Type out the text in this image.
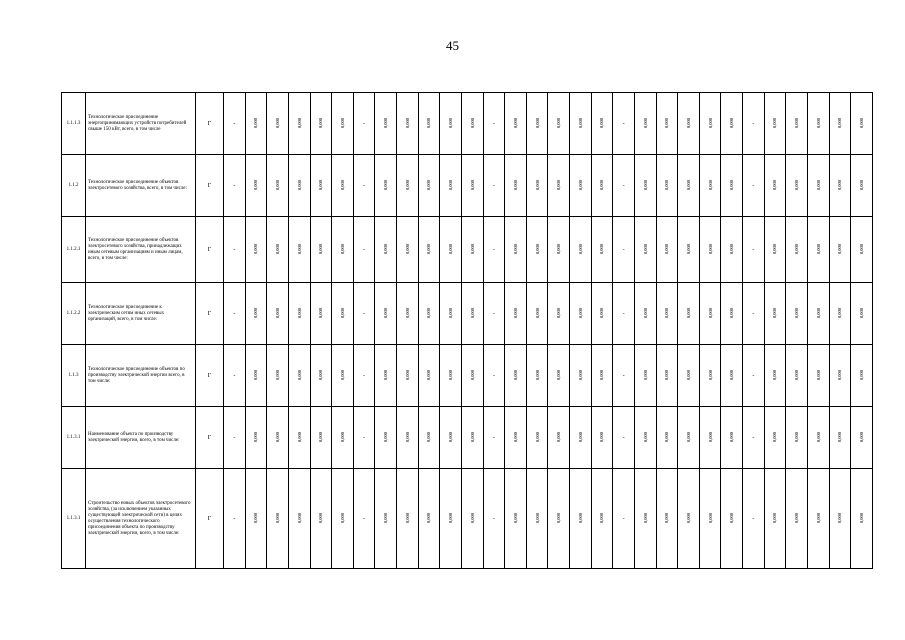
45
1.1.1.3	Технологическое присоединение энергопринимающих устройств потребителей свыше 150 кВт, всего, в том числе	Г	-	0,000	0,000	0,000	0,000	0,000	-	0,000	0,000	0,000	0,000	0,000	-	0,000	0,000	0,000	0,000	0,000	-	0,000	0,000	0,000	0,000	0,000	-	0,000	0,000	0,000	0,000	0,000

1.1.2	Технологическое присоединение объектов электросетевого хозяйства, всего, в том числе:	Г	-	0,000	0,000	0,000	0,000	0,000	-	0,000	0,000	0,000	0,000	0,000	-	0,000	0,000	0,000	0,000	0,000	-	0,000	0,000	0,000	0,000	0,000	-	0,000	0,000	0,000	0,000	0,000

1.1.2.1	Технологическое присоединение объектов электросетевого хозяйства, принадлежащих иным сетевым организациям и иным лицам, всего, в том числе:	Г	-	0,000	0,000	0,000	0,000	0,000	-	0,000	0,000	0,000	0,000	0,000	-	0,000	0,000	0,000	0,000	0,000	-	0,000	0,000	0,000	0,000	0,000	-	0,000	0,000	0,000	0,000	0,000

1.1.2.2	Технологическое присоединение к электрическим сетям иных сетевых организаций, всего, в том числе:	Г	-	0,000	0,000	0,000	0,000	0,000	-	0,000	0,000	0,000	0,000	0,000	-	0,000	0,000	0,000	0,000	0,000	-	0,000	0,000	0,000	0,000	0,000	-	0,000	0,000	0,000	0,000	0,000

1.1.3	Технологическое присоединение объектов по производству электрической энергии всего, в том числе:	Г	-	0,000	0,000	0,000	0,000	0,000	-	0,000	0,000	0,000	0,000	0,000	-	0,000	0,000	0,000	0,000	0,000	-	0,000	0,000	0,000	0,000	0,000	-	0,000	0,000	0,000	0,000	0,000

1.1.3.1	Наименование объекта по производству электрической энергии, всего, в том числе:	Г	-	0,000	0,000	0,000	0,000	0,000	-	0,000	0,000	0,000	0,000	0,000	-	0,000	0,000	0,000	0,000	0,000	-	0,000	0,000	0,000	0,000	0,000	-	0,000	0,000	0,000	0,000	0,000

1.1.3.1	Строительство новых объектов электросетевого хозяйства, (за исключением указанных существующей электрической сети) в целях осуществления технологического присоединения объекта по производству электрической энергии, всего, в том числе:	Г	-	0,000	0,000	0,000	0,000	0,000	-	0,000	0,000	0,000	0,000	0,000	-	0,000	0,000	0,000	0,000	0,000	-	0,000	0,000	0,000	0,000	0,000	-	0,000	0,000	0,000	0,000	0,000
